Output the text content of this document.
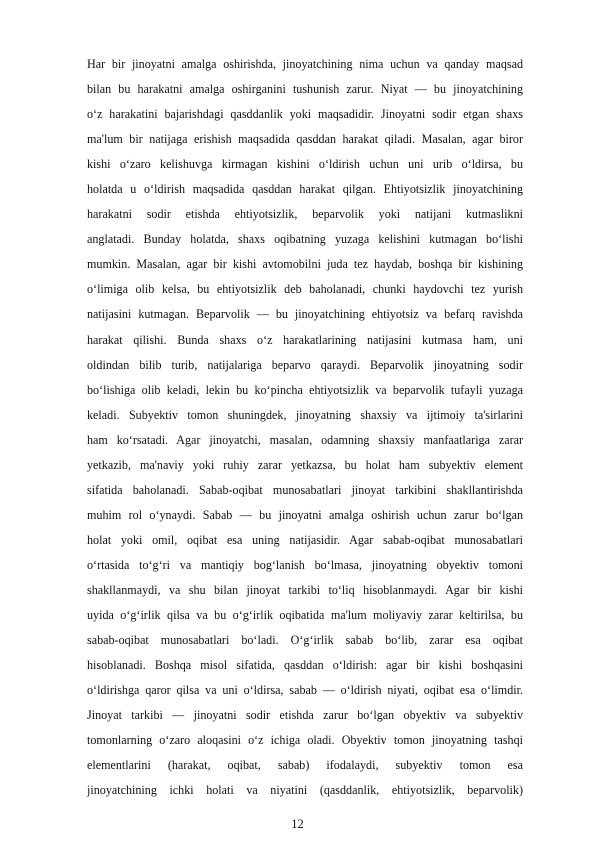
Har bir jinoyatni amalga oshirishda, jinoyatchining nima uchun va qanday maqsad
bilan bu harakatni amalga oshirganini tushunish zarur. Niyat — bu jinoyatchining
o‘z harakatini bajarishdagi qasddanlik yoki maqsadidir. Jinoyatni sodir etgan shaxs
ma'lum bir natijaga erishish maqsadida qasddan harakat qiladi. Masalan, agar biror
kishi o‘zaro kelishuvga kirmagan kishini o‘ldirish uchun uni urib o‘ldirsa, bu
holatda u o‘ldirish maqsadida qasddan harakat qilgan. Ehtiyotsizlik jinoyatchining
harakatni sodir etishda ehtiyotsizlik, beparvolik yoki natijani kutmaslikni
anglatadi. Bunday holatda, shaxs oqibatning yuzaga kelishini kutmagan bo‘lishi
mumkin. Masalan, agar bir kishi avtomobilni juda tez haydab, boshqa bir kishining
o‘limiga olib kelsa, bu ehtiyotsizlik deb baholanadi, chunki haydovchi tez yurish
natijasini kutmagan. Beparvolik — bu jinoyatchining ehtiyotsiz va befarq ravishda
harakat qilishi. Bunda shaxs o‘z harakatlarining natijasini kutmasa ham, uni
oldindan bilib turib, natijalariga beparvo qaraydi. Beparvolik jinoyatning sodir
bo‘lishiga olib keladi, lekin bu ko‘pincha ehtiyotsizlik va beparvolik tufayli yuzaga
keladi. Subyektiv tomon shuningdek, jinoyatning shaxsiy va ijtimoiy ta'sirlarini
ham ko‘rsatadi. Agar jinoyatchi, masalan, odamning shaxsiy manfaatlariga zarar
yetkazib, ma'naviy yoki ruhiy zarar yetkazsa, bu holat ham subyektiv element
sifatida baholanadi. Sabab-oqibat munosabatlari jinoyat tarkibini shakllantirishda
muhim rol o‘ynaydi. Sabab — bu jinoyatni amalga oshirish uchun zarur bo‘lgan
holat yoki omil, oqibat esa uning natijasidir. Agar sabab-oqibat munosabatlari
o‘rtasida to‘g‘ri va mantiqiy bog‘lanish bo‘lmasa, jinoyatning obyektiv tomoni
shakllanmaydi, va shu bilan jinoyat tarkibi to‘liq hisoblanmaydi. Agar bir kishi
uyida o‘g‘irlik qilsa va bu o‘g‘irlik oqibatida ma'lum moliyaviy zarar keltirilsa, bu
sabab-oqibat munosabatlari bo‘ladi. O‘g‘irlik sabab bo‘lib, zarar esa oqibat
hisoblanadi. Boshqa misol sifatida, qasddan o‘ldirish: agar bir kishi boshqasini
o‘ldirishga qaror qilsa va uni o‘ldirsa, sabab — o‘ldirish niyati, oqibat esa o‘limdir.
Jinoyat tarkibi — jinoyatni sodir etishda zarur bo‘lgan obyektiv va subyektiv
tomonlarning o‘zaro aloqasini o‘z ichiga oladi. Obyektiv tomon jinoyatning tashqi
elementlarini (harakat, oqibat, sabab) ifodalaydi, subyektiv tomon esa
jinoyatchining ichki holati va niyatini (qasddanlik, ehtiyotsizlik, beparvolik)
12
